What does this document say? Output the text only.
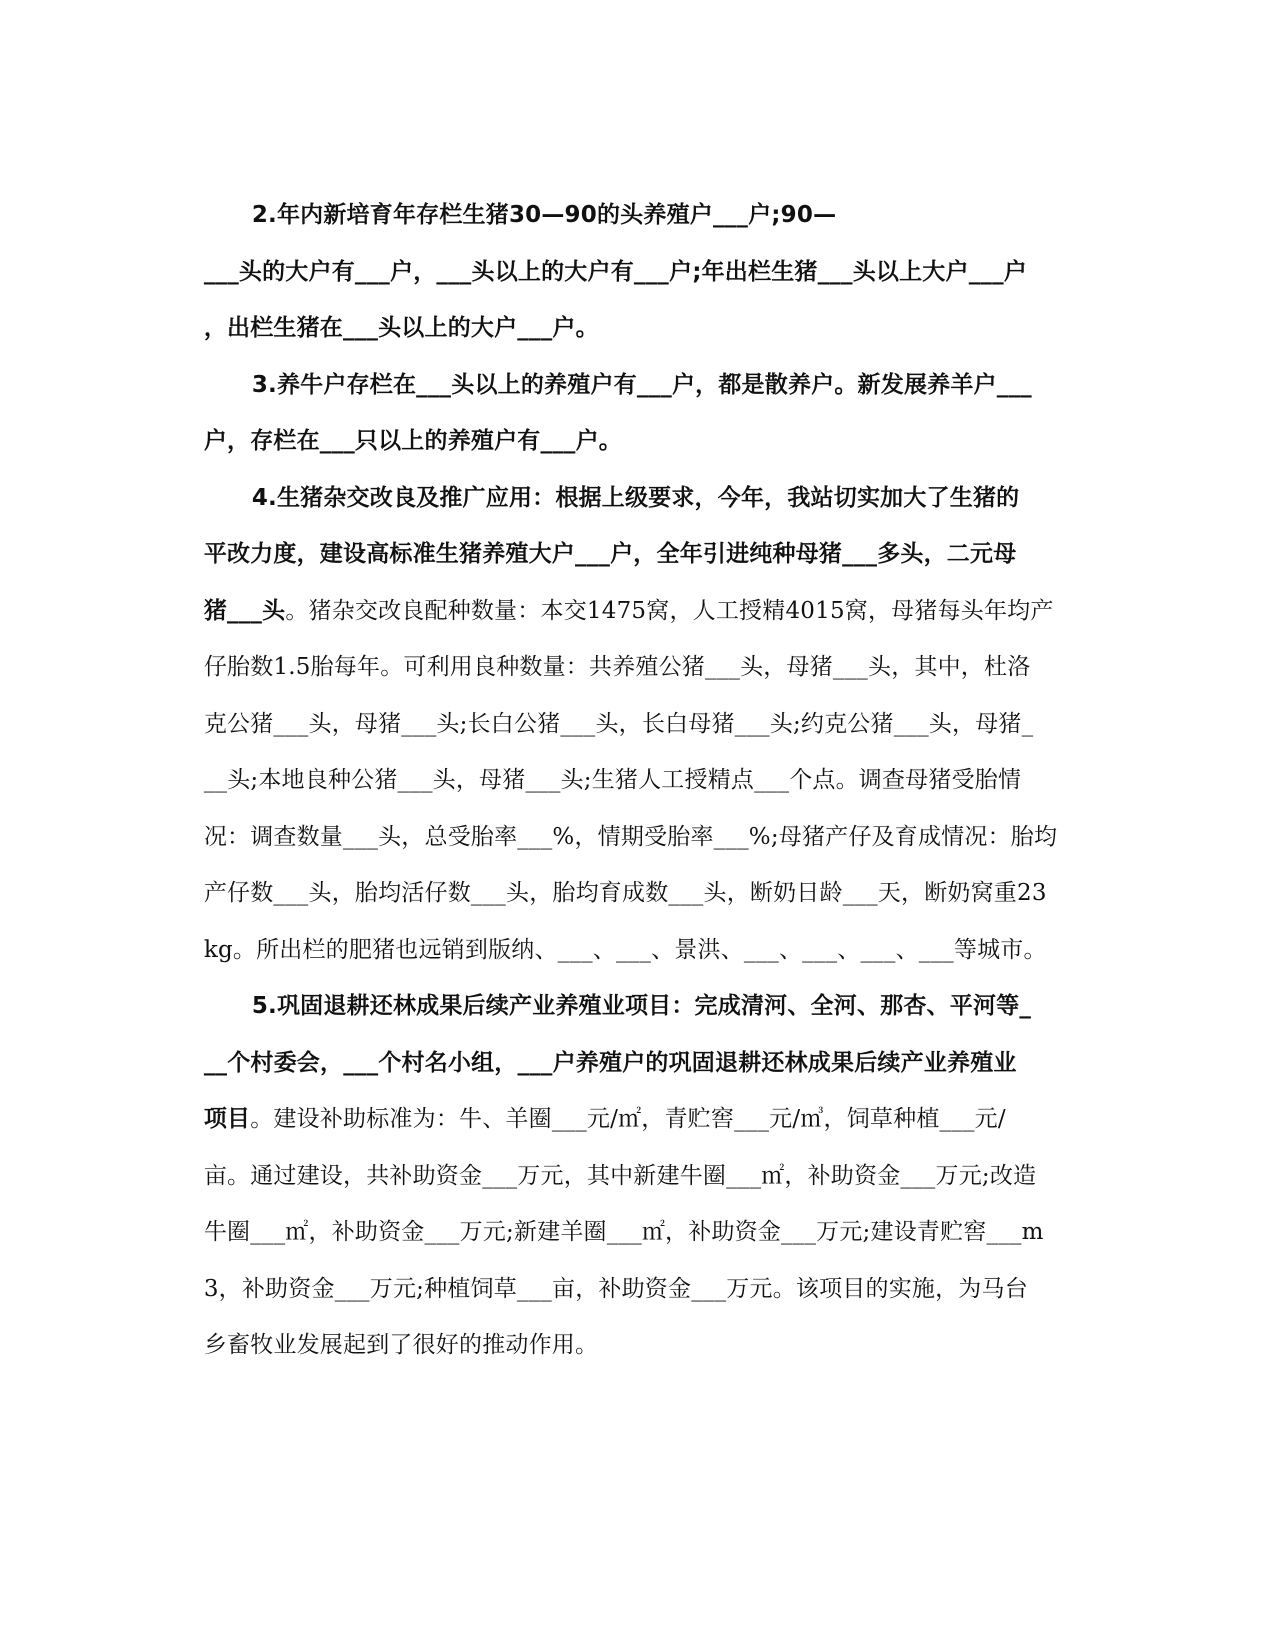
2.年内新培育年存栏生猪30—90的头养殖户___户;90—

___头的大户有___户，___头以上的大户有___户;年出栏生猪___头以上大户___户

，出栏生猪在___头以上的大户___户。

3.养牛户存栏在___头以上的养殖户有___户，都是散养户。新发展养羊户___

户，存栏在___只以上的养殖户有___户。

4.生猪杂交改良及推广应用：根据上级要求，今年，我站切实加大了生猪的

平改力度，建设高标准生猪养殖大户___户，全年引进纯种母猪___多头，二元母

猪___头。猪杂交改良配种数量：本交1475窝，人工授精4015窝，母猪每头年均产

仔胎数1.5胎每年。可利用良种数量：共养殖公猪___头，母猪___头，其中，杜洛

克公猪___头，母猪___头;长白公猪___头，长白母猪___头;约克公猪___头，母猪_

__头;本地良种公猪___头，母猪___头;生猪人工授精点___个点。调查母猪受胎情

况：调查数量___头，总受胎率___%，情期受胎率___%;母猪产仔及育成情况：胎均

产仔数___头，胎均活仔数___头，胎均育成数___头，断奶日龄___天，断奶窝重23

kg。所出栏的肥猪也远销到版纳、___、___、景洪、___、___、___、___等城市。

5.巩固退耕还林成果后续产业养殖业项目：完成清河、全河、那杏、平河等_

__个村委会，___个村名小组，___户养殖户的巩固退耕还林成果后续产业养殖业

项目。建设补助标准为：牛、羊圈___元/㎡，青贮窖___元/㎥，饲草种植___元/

亩。通过建设，共补助资金___万元，其中新建牛圈___㎡，补助资金___万元;改造

牛圈___㎡，补助资金___万元;新建羊圈___㎡，补助资金___万元;建设青贮窖___m

3，补助资金___万元;种植饲草___亩，补助资金___万元。该项目的实施，为马台

乡畜牧业发展起到了很好的推动作用。
